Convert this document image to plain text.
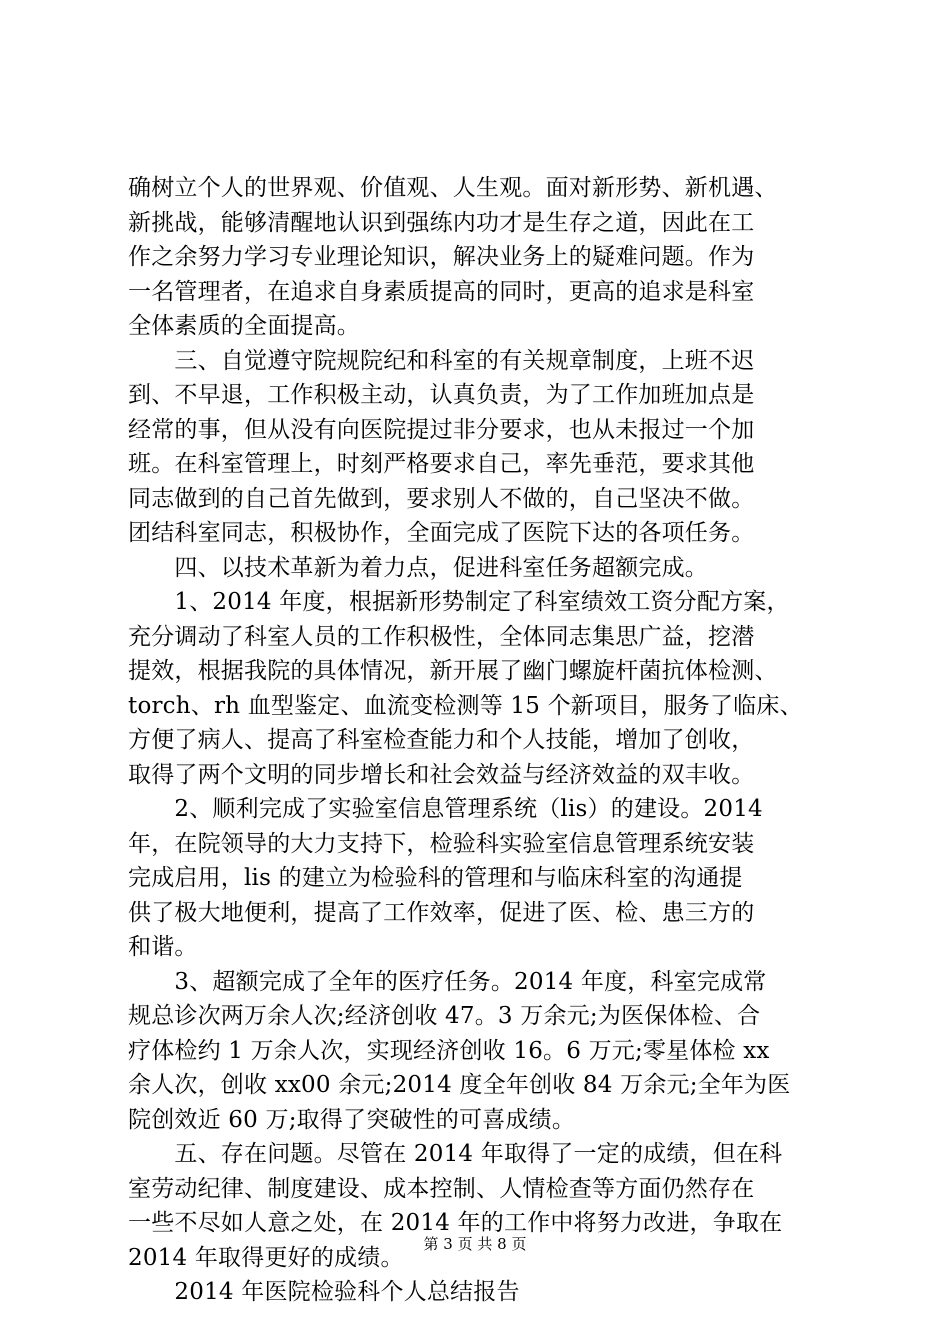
确树立个人的世界观、价值观、人生观。面对新形势、新机遇、
新挑战，能够清醒地认识到强练内功才是生存之道，因此在工
作之余努力学习专业理论知识，解决业务上的疑难问题。作为
一名管理者，在追求自身素质提高的同时，更高的追求是科室
全体素质的全面提高。
　　三、自觉遵守院规院纪和科室的有关规章制度，上班不迟
到、不早退，工作积极主动，认真负责，为了工作加班加点是
经常的事，但从没有向医院提过非分要求，也从未报过一个加
班。在科室管理上，时刻严格要求自己，率先垂范，要求其他
同志做到的自己首先做到，要求别人不做的，自己坚决不做。
团结科室同志，积极协作，全面完成了医院下达的各项任务。
　　四、以技术革新为着力点，促进科室任务超额完成。
　　1、2014 年度，根据新形势制定了科室绩效工资分配方案，
充分调动了科室人员的工作积极性，全体同志集思广益，挖潜
提效，根据我院的具体情况，新开展了幽门螺旋杆菌抗体检测、
torch、rh 血型鉴定、血流变检测等 15 个新项目，服务了临床、
方便了病人、提高了科室检查能力和个人技能，增加了创收，
取得了两个文明的同步增长和社会效益与经济效益的双丰收。
　　2、顺利完成了实验室信息管理系统（lis）的建设。2014
年，在院领导的大力支持下，检验科实验室信息管理系统安装
完成启用，lis 的建立为检验科的管理和与临床科室的沟通提
供了极大地便利，提高了工作效率，促进了医、检、患三方的
和谐。
　　3、超额完成了全年的医疗任务。2014 年度，科室完成常
规总诊次两万余人次;经济创收 47。3 万余元;为医保体检、合
疗体检约 1 万余人次，实现经济创收 16。6 万元;零星体检 xx
余人次，创收 xx00 余元;2014 度全年创收 84 万余元;全年为医
院创效近 60 万;取得了突破性的可喜成绩。
　　五、存在问题。尽管在 2014 年取得了一定的成绩，但在科
室劳动纪律、制度建设、成本控制、人情检查等方面仍然存在
一些不尽如人意之处，在 2014 年的工作中将努力改进，争取在
2014 年取得更好的成绩。
　　2014 年医院检验科个人总结报告
第 3 页 共 8 页
